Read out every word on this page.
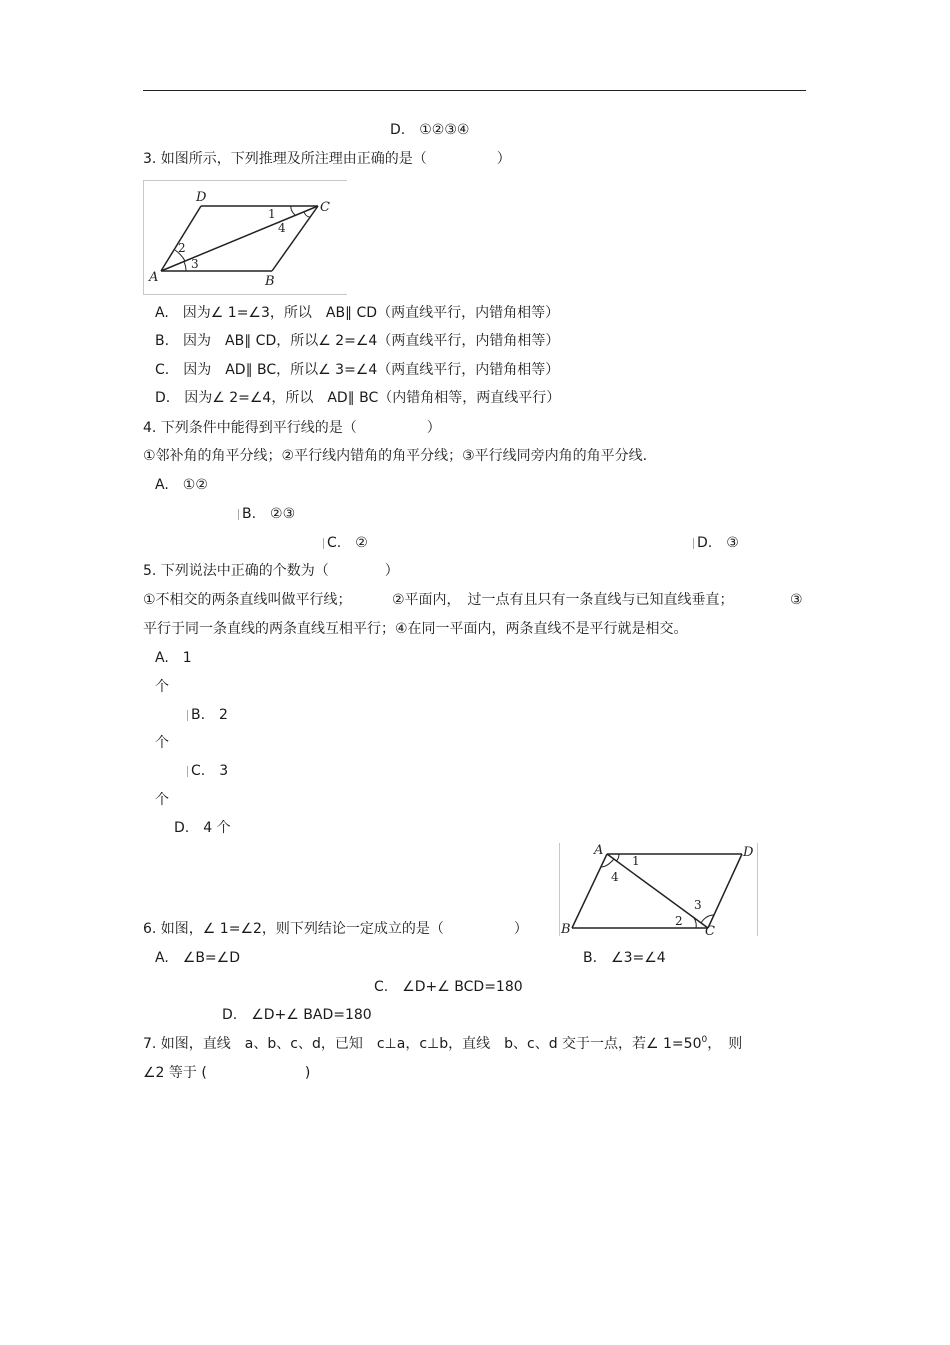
D.　①②③④
3. 如图所示，下列推理及所注理由正确的是（　　　　　）
D
C
A	B
1
2
3
4
A.　因为∠ 1=∠3，所以　AB∥ CD（两直线平行，内错角相等）
B.　因为　AB∥ CD，所以∠ 2=∠4（两直线平行，内错角相等）
C.　因为　AD∥ BC，所以∠ 3=∠4（两直线平行，内错角相等）
D.　因为∠ 2=∠4，所以　AD∥ BC（内错角相等，两直线平行）
4. 下列条件中能得到平行线的是（　　　　　）
①邻补角的角平分线；②平行线内错角的角平分线；③平行线同旁内角的角平分线.
A.　①②
B.　②③
C.　②	D.　③
5. 下列说法中正确的个数为（　　　　）
①不相交的两条直线叫做平行线；	②平面内，　过一点有且只有一条直线与已知直线垂直；	③
平行于同一条直线的两条直线互相平行；④在同一平面内，两条直线不是平行就是相交。
A.　1
个
B.　2
个
C.　3
个
D.　4 个
A	D
B	C
1
2
3
4
6. 如图，∠ 1=∠2，则下列结论一定成立的是（　　　　　）
A.　∠B=∠D	B.　∠3=∠4
C.　∠D+∠ BCD=180
D.　∠D+∠ BAD=180
7. 如图，直线　a、b、c、d，已知　c⊥a，c⊥b，直线　b、c、d 交于一点，若∠ $1=50^0$，　则
∠2 等于 (　　　　　　　)
